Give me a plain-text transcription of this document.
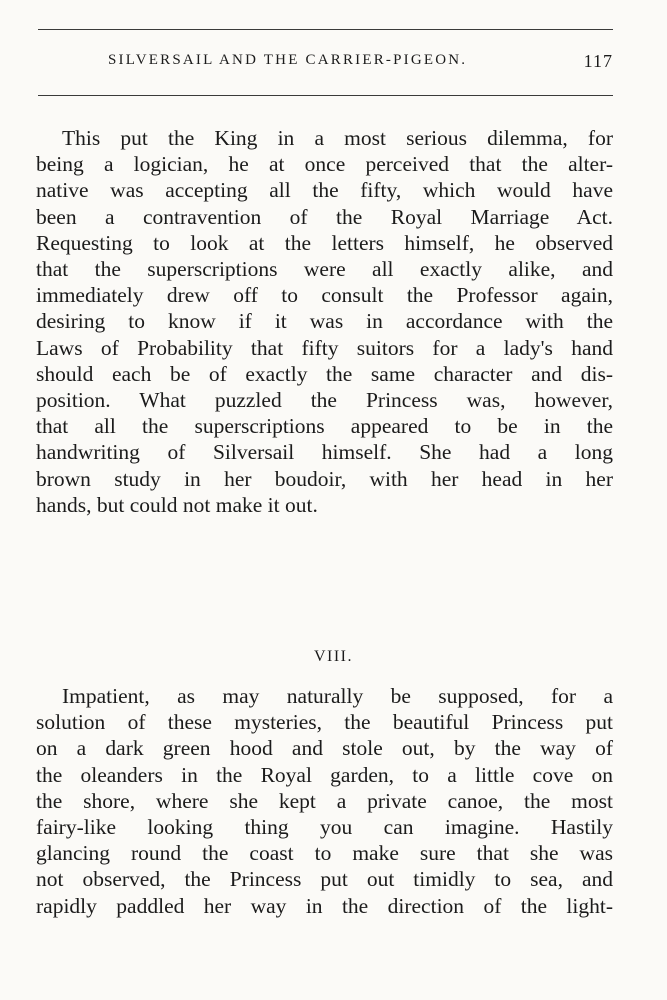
SILVERSAIL AND THE CARRIER-PIGEON.	117
This put the King in a most serious dilemma, for
being a logician, he at once perceived that the alter-
native was accepting all the fifty, which would have
been a contravention of the Royal Marriage Act.
Requesting to look at the letters himself, he observed
that the superscriptions were all exactly alike, and
immediately drew off to consult the Professor again,
desiring to know if it was in accordance with the
Laws of Probability that fifty suitors for a lady's hand
should each be of exactly the same character and dis-
position. What puzzled the Princess was, however,
that all the superscriptions appeared to be in the
handwriting of Silversail himself. She had a long
brown study in her boudoir, with her head in her
hands, but could not make it out.
VIII.
Impatient, as may naturally be supposed, for a
solution of these mysteries, the beautiful Princess put
on a dark green hood and stole out, by the way of
the oleanders in the Royal garden, to a little cove on
the shore, where she kept a private canoe, the most
fairy-like looking thing you can imagine. Hastily
glancing round the coast to make sure that she was
not observed, the Princess put out timidly to sea, and
rapidly paddled her way in the direction of the light-
